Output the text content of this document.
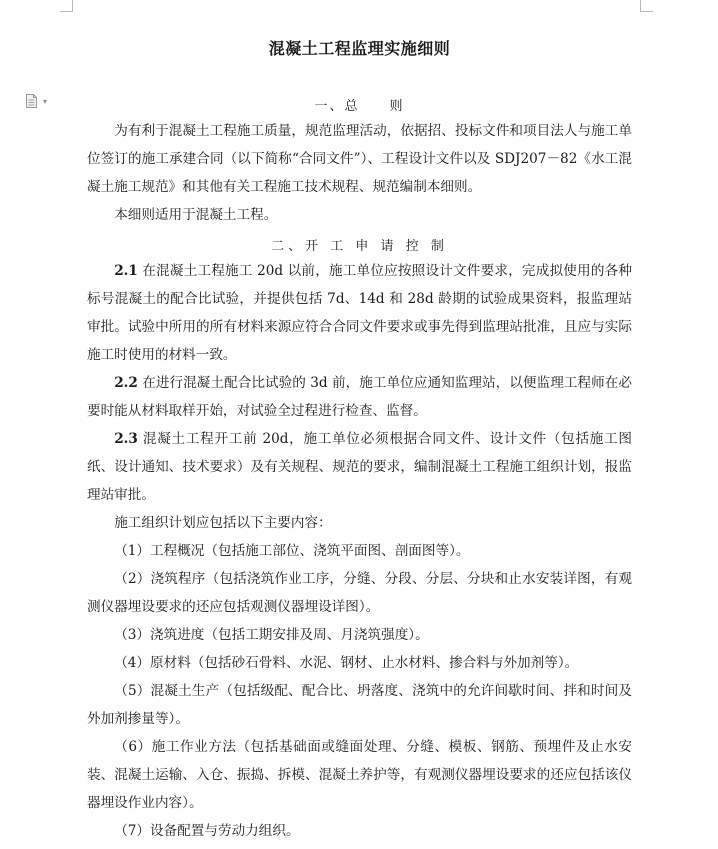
▾
混凝土工程监理实施细则
一、总　　则

为有利于混凝土工程施工质量，规范监理活动，依据招、投标文件和项目法人与施工单位签订的施工承建合同（以下简称“合同文件”）、工程设计文件以及 SDJ207－82《水工混凝土施工规范》和其他有关工程施工技术规程、规范编制本细则。

本细则适用于混凝土工程。

二、开 工 申 请 控 制

2.1 在混凝土工程施工 20d 以前，施工单位应按照设计文件要求，完成拟使用的各种标号混凝土的配合比试验，并提供包括 7d、14d 和 28d 龄期的试验成果资料，报监理站审批。试验中所用的所有材料来源应符合合同文件要求或事先得到监理站批准，且应与实际施工时使用的材料一致。

2.2 在进行混凝土配合比试验的 3d 前，施工单位应通知监理站，以便监理工程师在必要时能从材料取样开始，对试验全过程进行检查、监督。

2.3 混凝土工程开工前 20d，施工单位必须根据合同文件、设计文件（包括施工图纸、设计通知、技术要求）及有关规程、规范的要求，编制混凝土工程施工组织计划，报监理站审批。

施工组织计划应包括以下主要内容：

（1）工程概况（包括施工部位、浇筑平面图、剖面图等）。

（2）浇筑程序（包括浇筑作业工序，分缝、分段、分层、分块和止水安装详图，有观测仪器埋设要求的还应包括观测仪器埋设详图）。

（3）浇筑进度（包括工期安排及周、月浇筑强度）。

（4）原材料（包括砂石骨料、水泥、钢材、止水材料、掺合料与外加剂等）。

（5）混凝土生产（包括级配、配合比、坍落度、浇筑中的允许间歇时间、拌和时间及外加剂掺量等）。

（6）施工作业方法（包括基础面或缝面处理、分缝、模板、钢筋、预埋件及止水安装、混凝土运输、入仓、振捣、拆模、混凝土养护等，有观测仪器埋设要求的还应包括该仪器埋设作业内容）。

（7）设备配置与劳动力组织。
